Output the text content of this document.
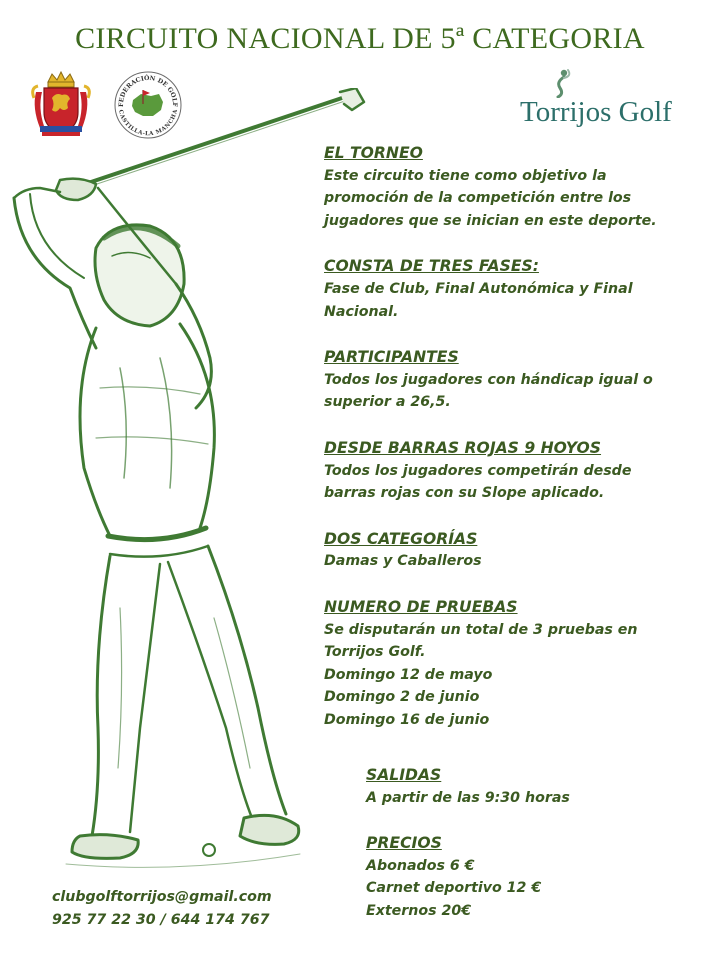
CIRCUITO NACIONAL DE 5ª CATEGORIA
FEDERACIÓN DE GOLF
CASTILLA-LA MANCHA	Torrijos Golf
EL TORNEO
Este circuito tiene como objetivo la
promoción de la competición entre los
jugadores que se inician en este deporte.
CONSTA DE TRES FASES:
Fase de Club, Final Autonómica y Final
Nacional.
PARTICIPANTES
Todos los jugadores con hándicap igual o
superior a 26,5.
DESDE BARRAS ROJAS 9 HOYOS
Todos los jugadores competirán desde
barras rojas con su Slope aplicado.
DOS CATEGORÍAS
Damas y Caballeros
NUMERO DE PRUEBAS
Se disputarán un total de 3 pruebas en
Torrijos Golf.
Domingo 12 de mayo
Domingo 2 de junio
Domingo 16 de junio
SALIDAS
A partir de las 9:30 horas
PRECIOS
Abonados 6 €
Carnet deportivo 12 €
Externos 20€
clubgolftorrijos@gmail.com
925 77 22 30 / 644 174 767
